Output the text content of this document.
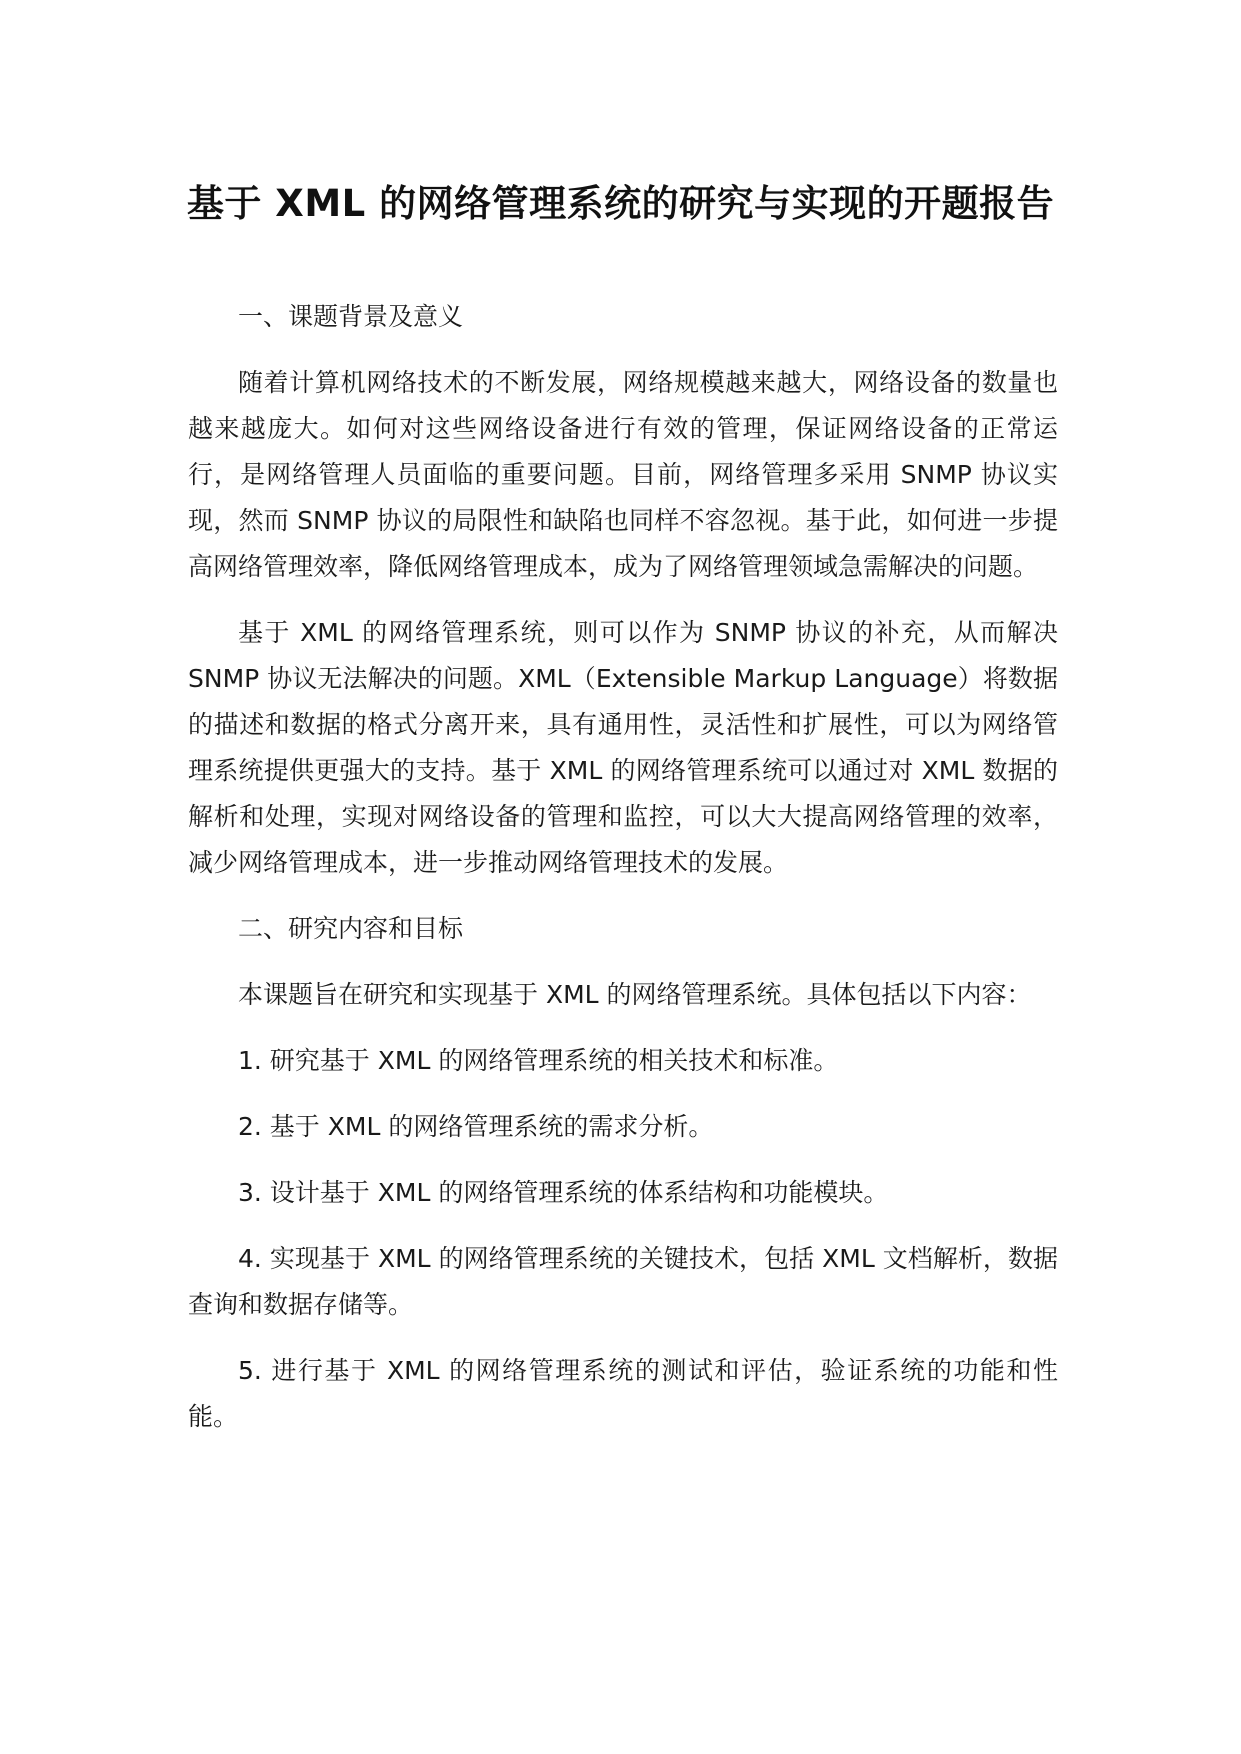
基于 XML 的网络管理系统的研究与实现的开题报告

一、课题背景及意义

随着计算机网络技术的不断发展，网络规模越来越大，网络设备的数量也越来越庞大。如何对这些网络设备进行有效的管理，保证网络设备的正常运行，是网络管理人员面临的重要问题。目前，网络管理多采用 SNMP 协议实现，然而 SNMP 协议的局限性和缺陷也同样不容忽视。基于此，如何进一步提高网络管理效率，降低网络管理成本，成为了网络管理领域急需解决的问题。

基于 XML 的网络管理系统，则可以作为 SNMP 协议的补充，从而解决 SNMP 协议无法解决的问题。XML（Extensible Markup Language）将数据的描述和数据的格式分离开来，具有通用性，灵活性和扩展性，可以为网络管理系统提供更强大的支持。基于 XML 的网络管理系统可以通过对 XML 数据的解析和处理，实现对网络设备的管理和监控，可以大大提高网络管理的效率，减少网络管理成本，进一步推动网络管理技术的发展。

二、研究内容和目标

本课题旨在研究和实现基于 XML 的网络管理系统。具体包括以下内容：

1. 研究基于 XML 的网络管理系统的相关技术和标准。

2. 基于 XML 的网络管理系统的需求分析。

3. 设计基于 XML 的网络管理系统的体系结构和功能模块。

4. 实现基于 XML 的网络管理系统的关键技术，包括 XML 文档解析，数据查询和数据存储等。

5. 进行基于 XML 的网络管理系统的测试和评估，验证系统的功能和性能。
